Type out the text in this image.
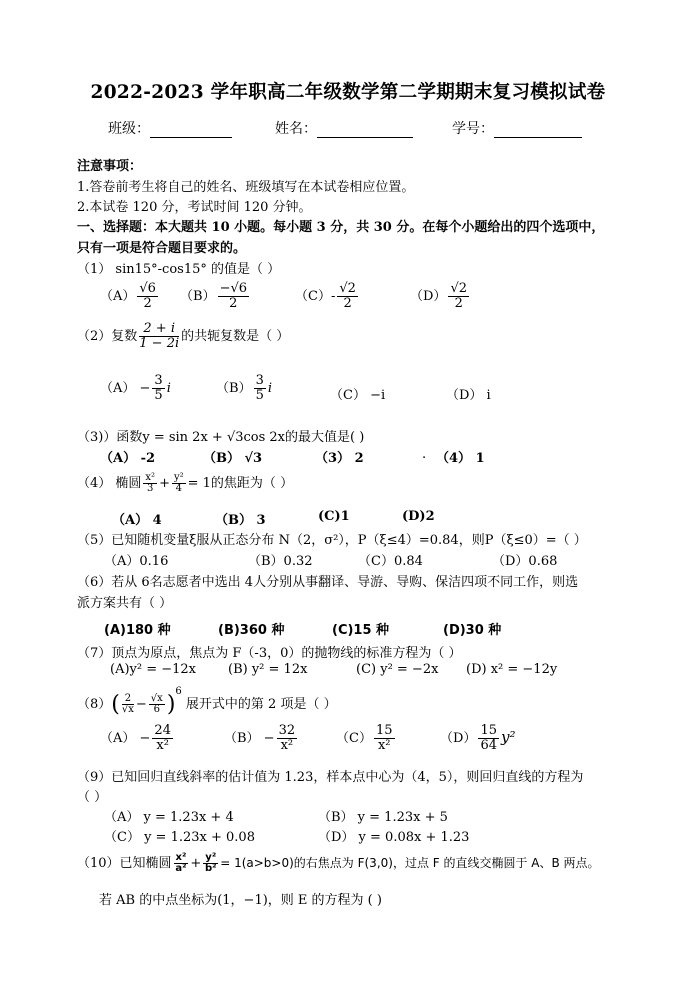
2022-2023 学年职高二年级数学第二学期期末复习模拟试卷
班级：	姓名：	学号：
注意事项：
1.答卷前考生将自己的姓名、班级填写在本试卷相应位置。
2.本试卷 120 分，考试时间 120 分钟。
一、选择题：本大题共 10 小题。每小题 3 分，共 30 分。在每个小题给出的四个选项中，
只有一项是符合题目要求的。
（1） sin15°-cos15° 的值是（ ）
$(A) \frac{√6}{2} (B) \frac{-√6}{2}$	$(C)- \frac{√2}{2}$	$(D) \frac{√2}{2}$
（2）复数 $\frac{2 + i}{1 - 2i}$ 的共轭复数是（ ）
$(A) - \frac{3}{5}$ i	$(B) \frac{3}{5}$ i	（C） −i	（D） i
（3)）函数y = sin 2x + √3cos 2x的最大值是( )
（A） -2	（B） √3	（3） 2	. （4） 1
（4） 椭圆 $\frac{\text{x²}}{3} + \frac{\text{y²}}{4} = 1$的焦距为（ ）
（A） 4	（B） 3	(C)1	(D)2
（5）已知随机变量ξ服从正态分布 N（2，σ²），P（ξ≤4）=0.84，则P（ξ≤0）=（ ）
（A）0.16	（B）0.32	（C）0.84	（D）0.68
（6）若从 6名志愿者中选出 4人分别从事翻译、导游、导购、保洁四项不同工作，则选
派方案共有（ ）
(A)180 种	(B)360 种	(C)15 种	(D)30 种
（7）顶点为原点，焦点为 F（-3，0）的抛物线的标准方程为（ ）
(A)y² = −12x (B) y² = 12x	(C) y² = −2x (D) x² = −12y
$(8)( \frac{2}{√x} - \frac{√x}{6} )^6$ 展开式中的第 2 项是（ ）
$(A) - \frac{24}{\text{x²}}$	$(B) - \frac{32}{\text{x²}}$	$(C) \frac{15}{\text{x²}}$	$(D) \frac{15}{64} y^2$
（9）已知回归直线斜率的估计值为 1.23，样本点中心为（4，5），则回归直线的方程为
（ ）
（A） y = 1.23x + 4	（B） y = 1.23x + 5
（C） y = 1.23x + 0.08	（D） y = 0.08x + 1.23
（10）已知椭圆 $\frac{\text{x²}}{\text{a²}} + \frac{\text{y²}}{\text{b²}} = 1(a>b>0)$的右焦点为 F(3,0)，过点 F 的直线交椭圆于 A、B 两点。
若 AB 的中点坐标为(1，−1)，则 E 的方程为 ( )
